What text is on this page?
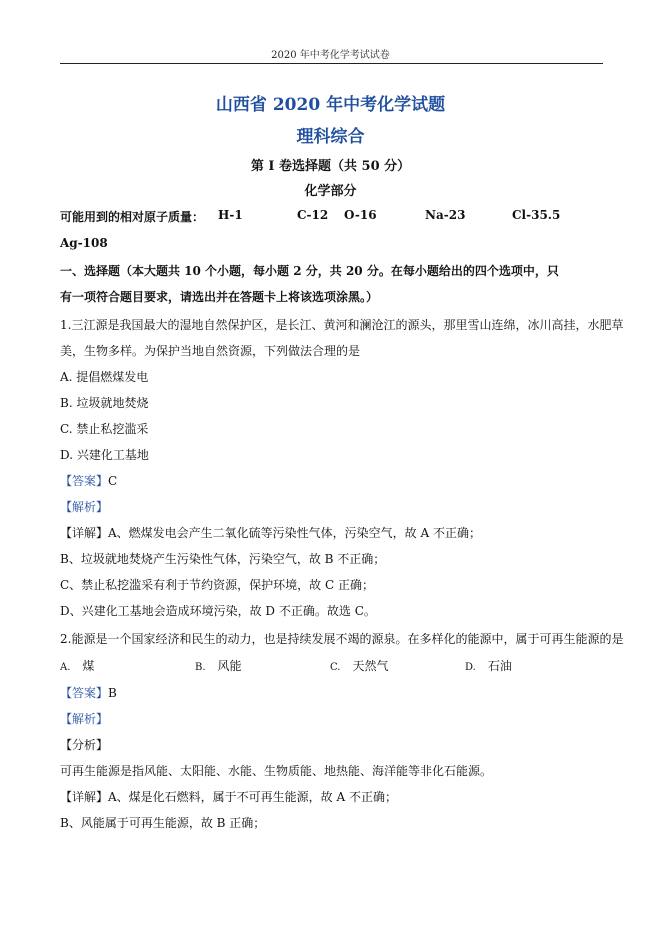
2020 年中考化学考试试卷
山西省 2020 年中考化学试题
理科综合
第 I 卷选择题（共 50 分）
化学部分
可能用到的相对原子质量： H-1	C-12 O-16	Na-23	Cl-35.5
Ag-108
一、选择题（本大题共 10 个小题，每小题 2 分，共 20 分。在每小题给出的四个选项中，只
有一项符合题目要求，请选出并在答题卡上将该选项涂黑。）
1.三江源是我国最大的湿地自然保护区，是长江、黄河和澜沧江的源头，那里雪山连绵，冰川高挂，水肥草
美，生物多样。为保护当地自然资源，下列做法合理的是
A. 提倡燃煤发电
B. 垃圾就地焚烧
C. 禁止私挖滥采
D. 兴建化工基地
【答案】C
【解析】
【详解】A、燃煤发电会产生二氧化硫等污染性气体，污染空气，故 A 不正确；
B、垃圾就地焚烧产生污染性气体，污染空气，故 B 不正确；
C、禁止私挖滥采有利于节约资源，保护环境，故 C 正确；
D、兴建化工基地会造成环境污染，故 D 不正确。故选 C。
2.能源是一个国家经济和民生的动力，也是持续发展不竭的源泉。在多样化的能源中，属于可再生能源的是
A. 煤	B. 风能	C. 天然气	D. 石油
【答案】B
【解析】
【分析】
可再生能源是指风能、太阳能、水能、生物质能、地热能、海洋能等非化石能源。
【详解】A、煤是化石燃料，属于不可再生能源，故 A 不正确；
B、风能属于可再生能源，故 B 正确；
